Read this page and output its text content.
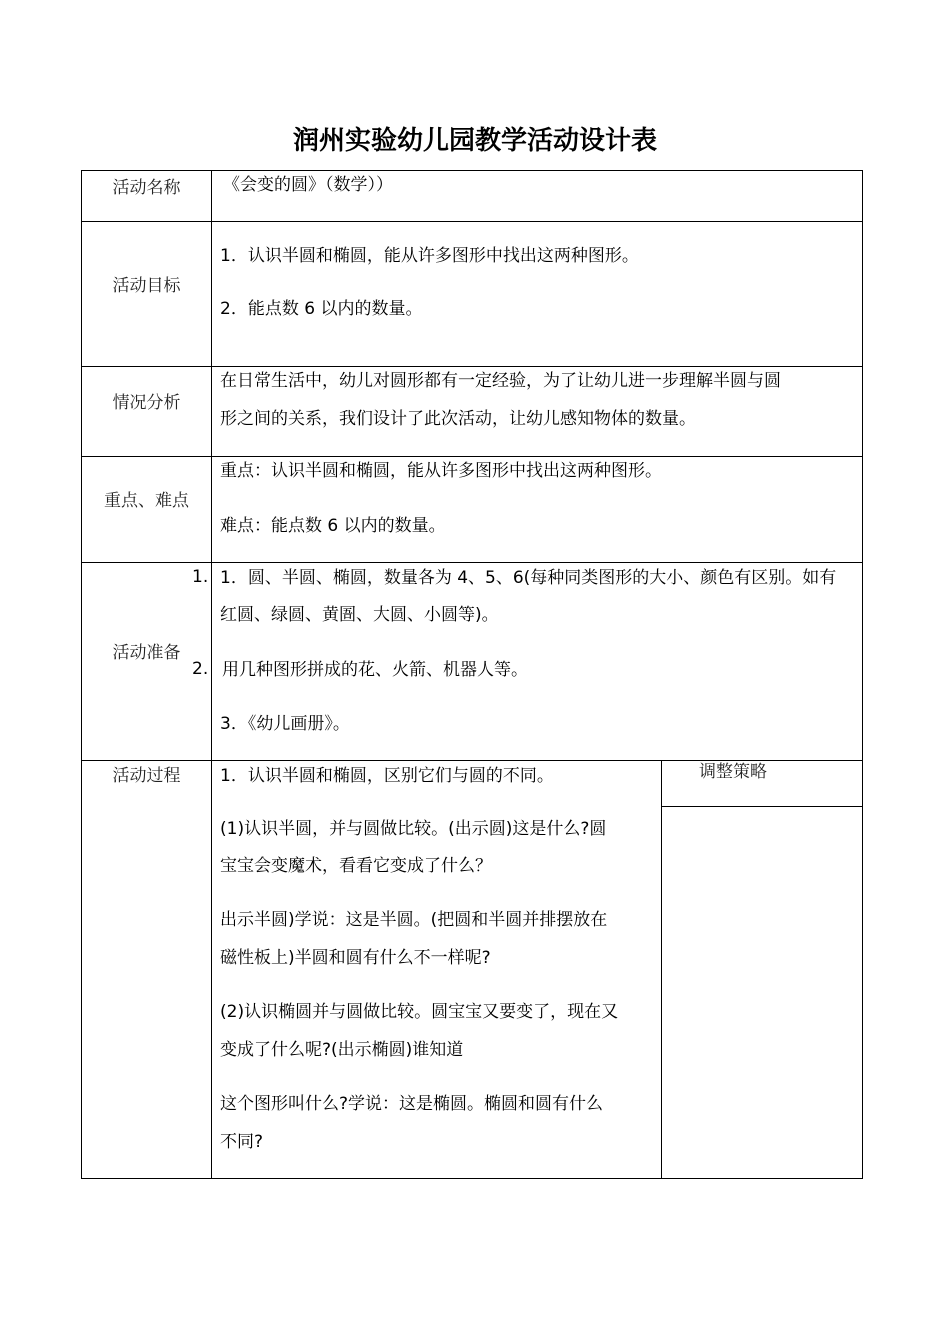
润州实验幼儿园教学活动设计表
活动名称
活动目标
情况分析
重点、难点
活动准备
活动过程	调整策略
《会变的圆》（数学））
1．认识半圆和椭圆，能从许多图形中找出这两种图形。
2．能点数 6 以内的数量。
在日常生活中，幼儿对圆形都有一定经验，为了让幼儿进一步理解半圆与圆
形之间的关系，我们设计了此次活动，让幼儿感知物体的数量。
重点：认识半圆和椭圆，能从许多图形中找出这两种图形。
难点：能点数 6 以内的数量。
1.
2.
1．圆、半圆、椭圆，数量各为 4、5、6(每种同类图形的大小、颜色有区别。如有
红圆、绿圆、黄圄、大圆、小圆等)。
用几种图形拼成的花、火箭、机器人等。
3．《幼儿画册》。
1．认识半圆和椭圆，区别它们与圆的不同。
(1)认识半圆，并与圆做比较。(出示圆)这是什么?圆
宝宝会变魔术，看看它变成了什么？
出示半圆)学说：这是半圆。(把圆和半圆并排摆放在
磁性板上)半圆和圆有什么不一样呢?
(2)认识椭圆并与圆做比较。圆宝宝又要变了，现在又
变成了什么呢?(出示椭圆)谁知道
这个图形叫什么?学说：这是椭圆。椭圆和圆有什么
不同?
